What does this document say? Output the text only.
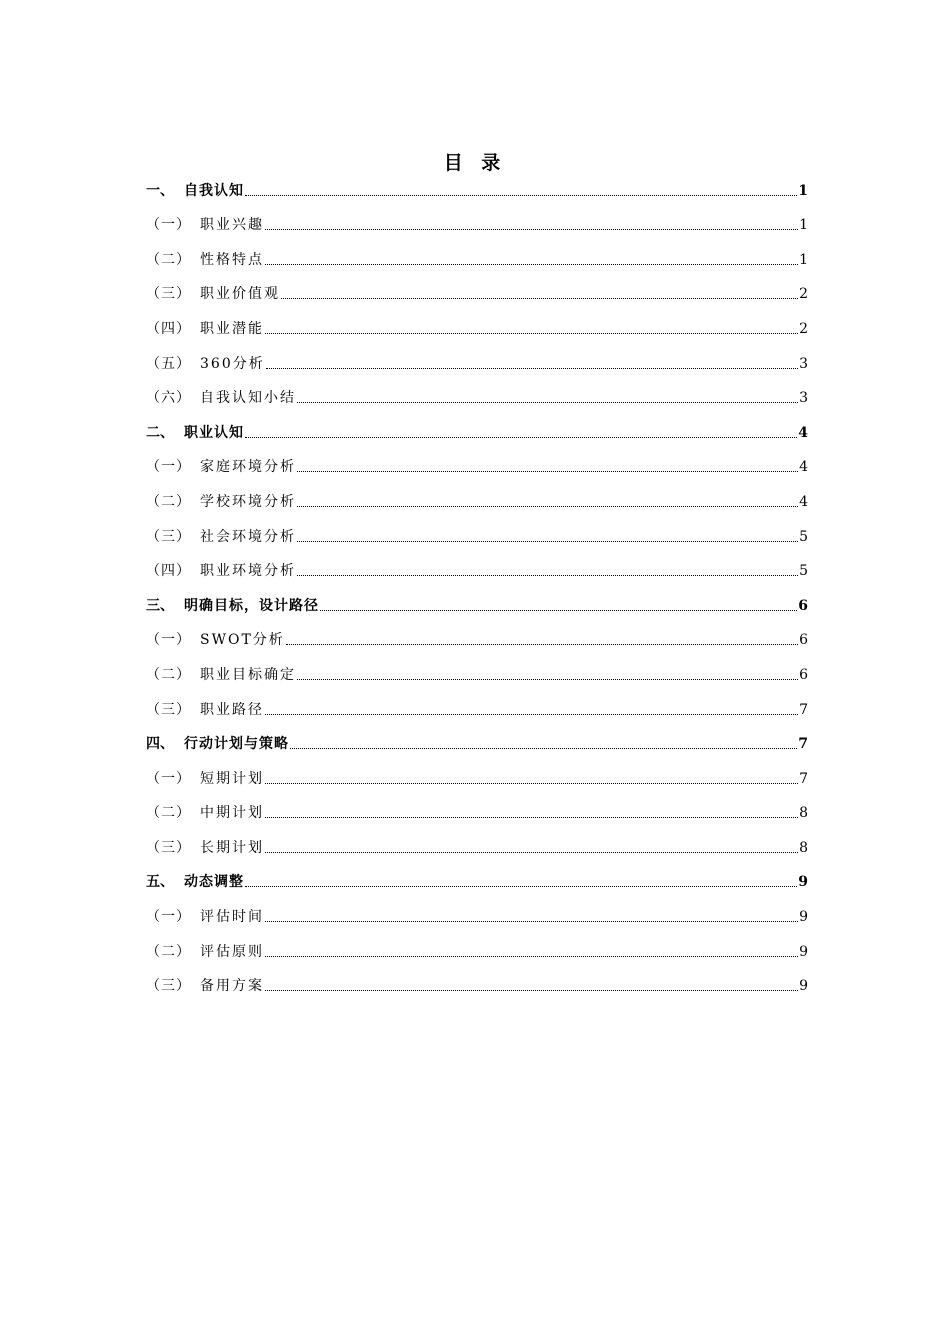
目 录
一、 自我认知	1
（一） 职业兴趣	1
（二） 性格特点	1
（三） 职业价值观	2
（四） 职业潜能	2
（五） 360分析	3
（六） 自我认知小结	3
二、 职业认知	4
（一） 家庭环境分析	4
（二） 学校环境分析	4
（三） 社会环境分析	5
（四） 职业环境分析	5
三、 明确目标，设计路径	6
（一） SWOT分析	6
（二） 职业目标确定	6
（三） 职业路径	7
四、 行动计划与策略	7
（一） 短期计划	7
（二） 中期计划	8
（三） 长期计划	8
五、 动态调整	9
（一） 评估时间	9
（二） 评估原则	9
（三） 备用方案	9
